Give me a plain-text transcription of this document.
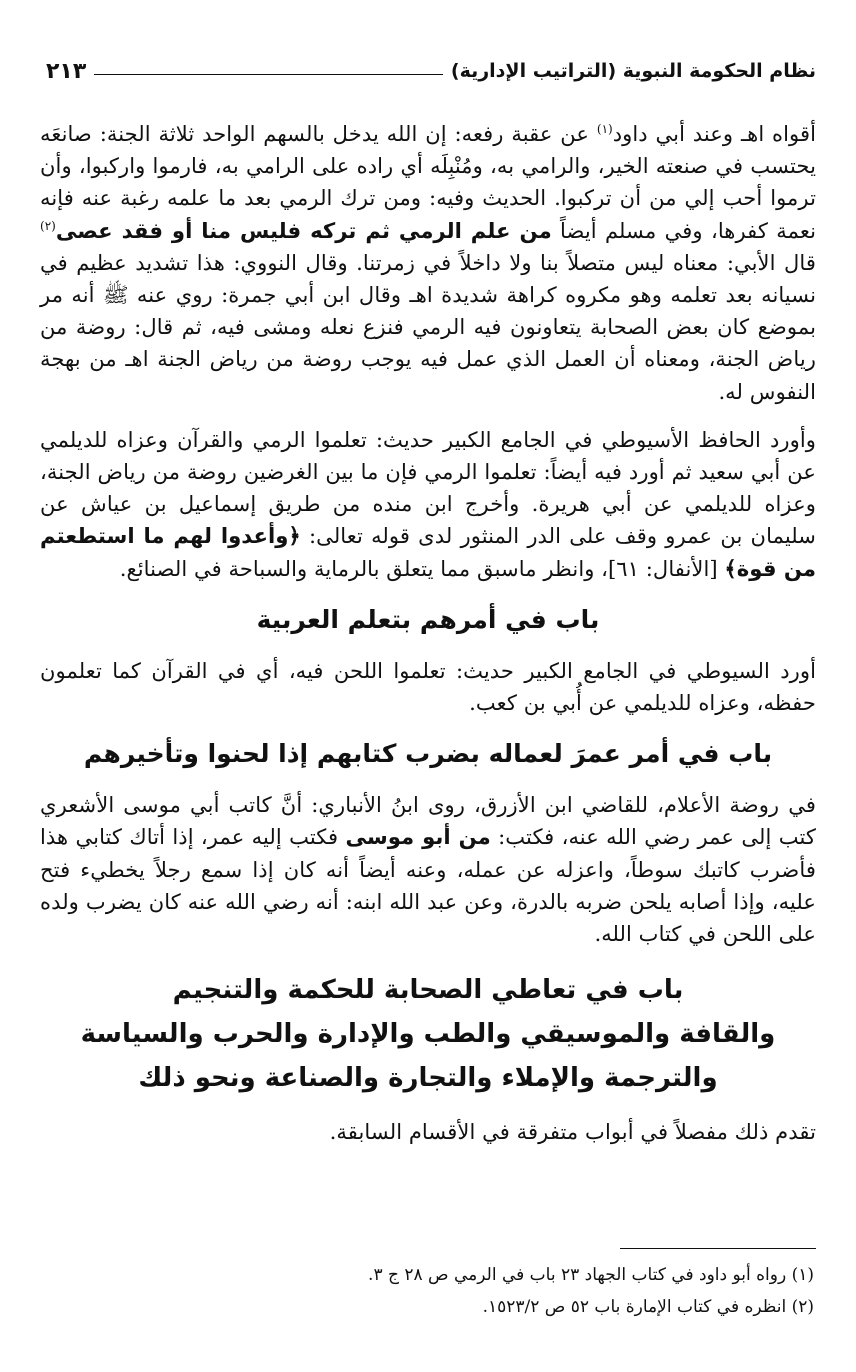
نظام الحكومة النبوية (التراتيب الإدارية)
٢١٣

أقواه اهـ وعند أبي داود$^{(١)}$ عن عقبة رفعه: إن الله يدخل بالسهم الواحد ثلاثة الجنة: صانعَه يحتسب في صنعته الخير، والرامي به، ومُنْبِلَه أي راده على الرامي به، فارموا واركبوا، وأن ترموا أحب إلي من أن تركبوا. الحديث وفيه: ومن ترك الرمي بعد ما علمه رغبة عنه فإنه نعمة كفرها، وفي مسلم أيضاً من علم الرمي ثم تركه فليس منا أو فقد عصى$^{(٢)}$ قال الأبي: معناه ليس متصلاً بنا ولا داخلاً في زمرتنا. وقال النووي: هذا تشديد عظيم في نسيانه بعد تعلمه وهو مكروه كراهة شديدة اهـ وقال ابن أبي جمرة: روي عنه ﷺ أنه مر بموضع كان بعض الصحابة يتعاونون فيه الرمي فنزع نعله ومشى فيه، ثم قال: روضة من رياض الجنة، ومعناه أن العمل الذي عمل فيه يوجب روضة من رياض الجنة اهـ من بهجة النفوس له.

وأورد الحافظ الأسيوطي في الجامع الكبير حديث: تعلموا الرمي والقرآن وعزاه للديلمي عن أبي سعيد ثم أورد فيه أيضاً: تعلموا الرمي فإن ما بين الغرضين روضة من رياض الجنة، وعزاه للديلمي عن أبي هريرة. وأخرج ابن منده من طريق إسماعيل بن عياش عن سليمان بن عمرو وقف على الدر المنثور لدى قوله تعالى: ﴿وأعدوا لهم ما استطعتم من قوة﴾ [الأنفال: ٦١]، وانظر ماسبق مما يتعلق بالرماية والسباحة في الصنائع.

باب في أمرهم بتعلم العربية

أورد السيوطي في الجامع الكبير حديث: تعلموا اللحن فيه، أي في القرآن كما تعلمون حفظه، وعزاه للديلمي عن أُبي بن كعب.

باب في أمر عمرَ لعماله بضرب كتابهم إذا لحنوا وتأخيرهم

في روضة الأعلام، للقاضي ابن الأزرق، روى ابنُ الأنباري: أنَّ كاتب أبي موسى الأشعري كتب إلى عمر رضي الله عنه، فكتب: من أبو موسى فكتب إليه عمر، إذا أتاك كتابي هذا فأضرب كاتبك سوطاً، واعزله عن عمله، وعنه أيضاً أنه كان إذا سمع رجلاً يخطيء فتح عليه، وإذا أصابه يلحن ضربه بالدرة، وعن عبد الله ابنه: أنه رضي الله عنه كان يضرب ولده على اللحن في كتاب الله.

باب في تعاطي الصحابة للحكمة والتنجيم
والقافة والموسيقي والطب والإدارة والحرب والسياسة
والترجمة والإملاء والتجارة والصناعة ونحو ذلك

تقدم ذلك مفصلاً في أبواب متفرقة في الأقسام السابقة.

(١) رواه أبو داود في كتاب الجهاد ٢٣ باب في الرمي ص ٢٨ ج ٣.

(٢) انظره في كتاب الإمارة باب ٥٢ ص ١٥٢٣/٢.
